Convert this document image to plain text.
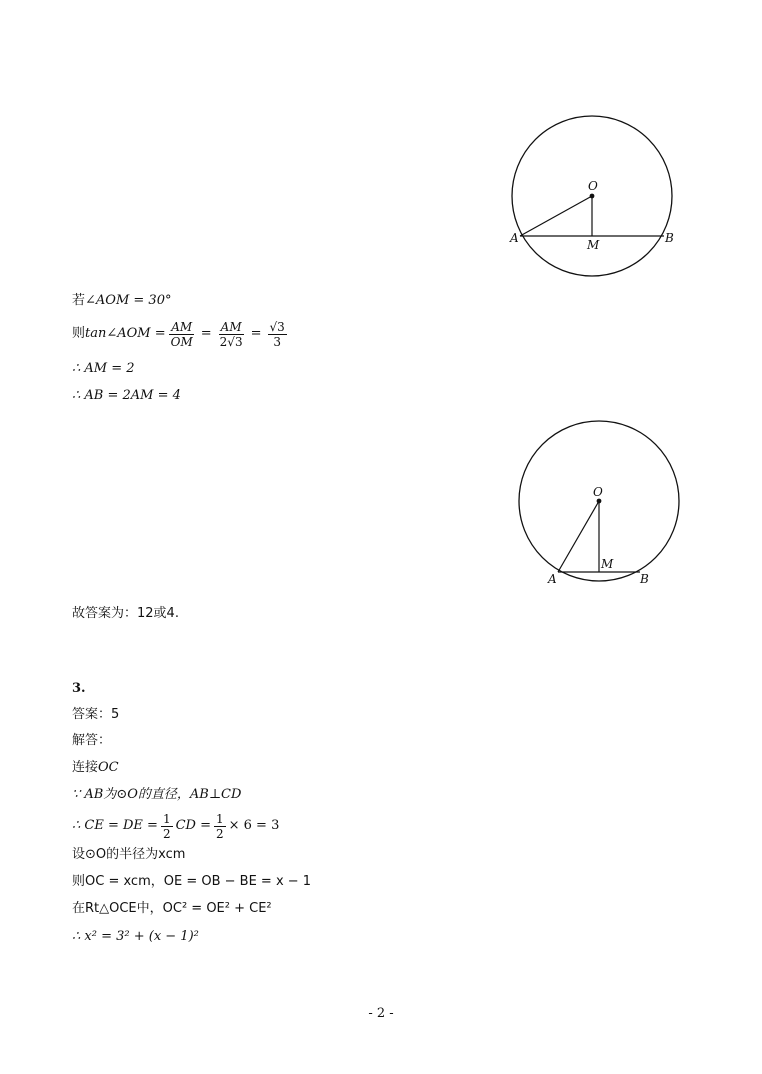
O
A	M	B
若∠AOM = 30°
则 tan∠AOM = $\frac{AM}{OM} = \frac{AM}{2√3} = \frac{√3}{3}$
∴ AM = 2
∴ AB = 2AM = 4
O
A
M
B
故答案为：12或4.
3.
答案：5
解答：
连接OC
∵ AB为⊙O的直径，AB⊥CD
∴ CE = DE = $\frac{1}{2}$ CD = $\frac{1}{2} \times 6 = 3$
设⊙O的半径为xcm
则OC = xcm，OE = OB − BE = x − 1
在Rt△OCE中，OC² = OE² + CE²
∴ x² = 3² + (x − 1)²
- 2 -
